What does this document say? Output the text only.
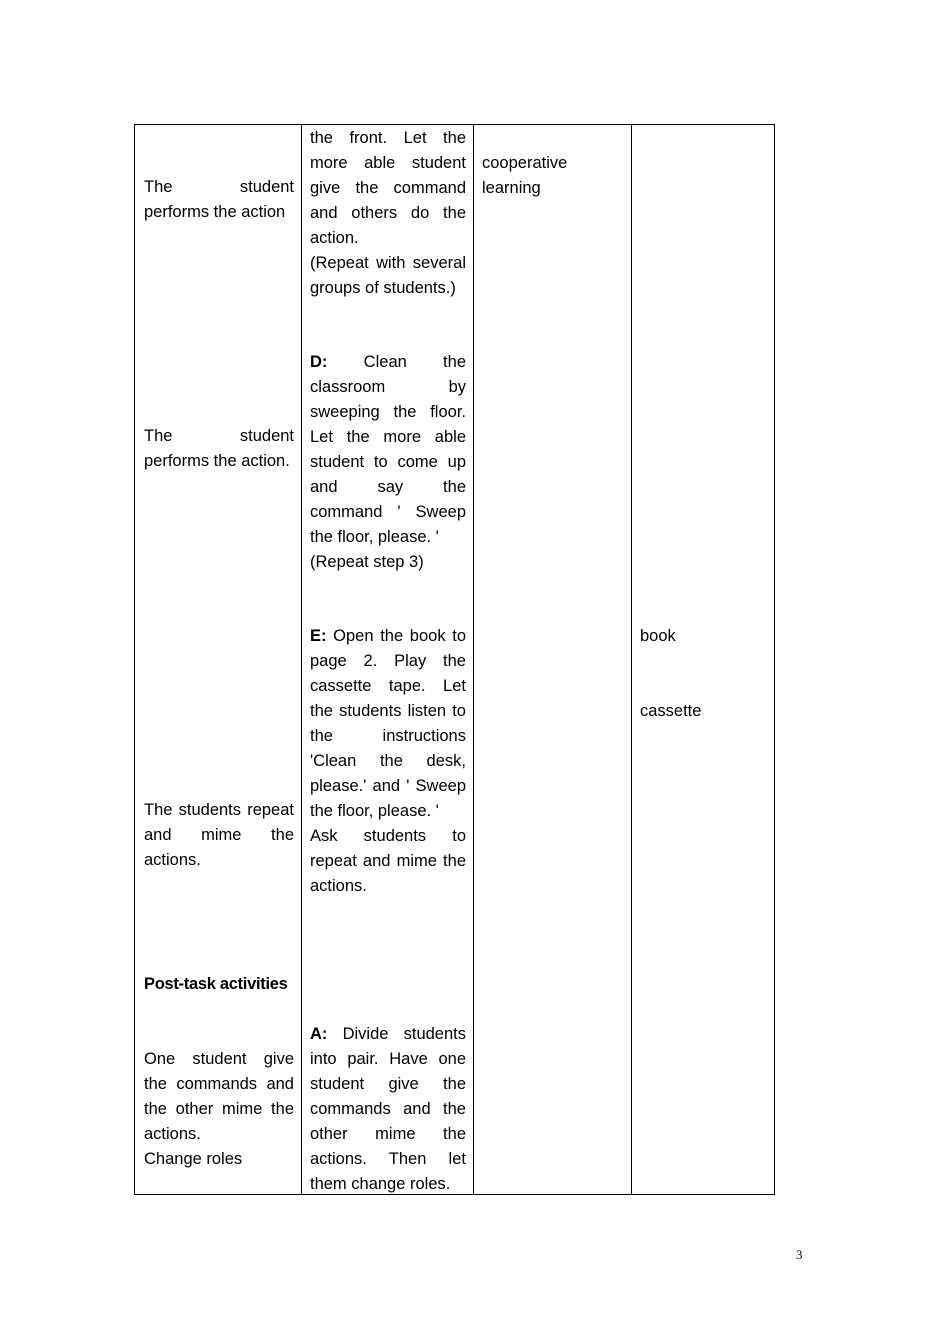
The student performs the action
The student performs the action.
The students repeat and mime the actions.
Post-task activities
One student give the commands and the other mime the actions.
Change roles
the front. Let the more able student give the command and others do the action.
(Repeat with several groups of students.)
D: Clean the classroom by sweeping the floor. Let the more able student to come up and say the command ' Sweep the floor, please. '
(Repeat step 3)
E: Open the book to page 2. Play the cassette tape. Let the students listen to the instructions 'Clean the desk, please.' and ' Sweep the floor, please. '
Ask students to repeat and mime the actions.
A: Divide students into pair. Have one student give the commands and the other mime the actions. Then let them change roles.
cooperative learning
book
cassette
3
